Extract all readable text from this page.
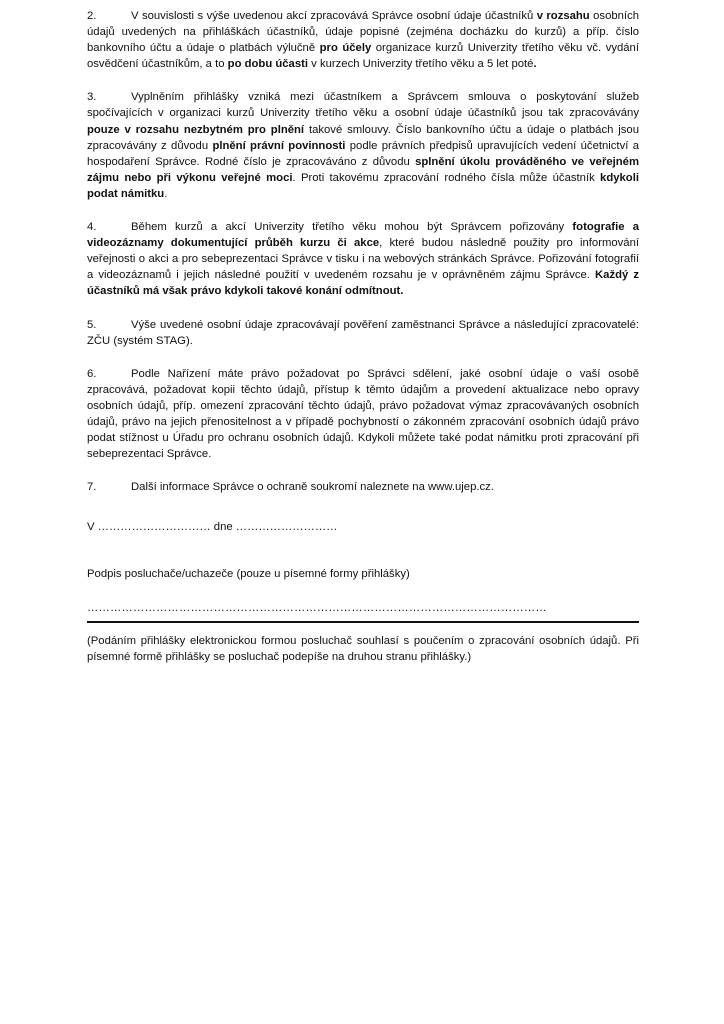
2.	V souvislosti s výše uvedenou akcí zpracovává Správce osobní údaje účastníků v rozsahu osobních údajů uvedených na přihláškách účastníků, údaje popisné (zejména docházku do kurzů) a příp. číslo bankovního účtu a údaje o platbách výlučně pro účely organizace kurzů Univerzity třetího věku vč. vydání osvědčení účastníkům, a to po dobu účasti v kurzech Univerzity třetího věku a 5 let poté.
3.	Vyplněním přihlášky vzniká mezi účastníkem a Správcem smlouva o poskytování služeb spočívajících v organizaci kurzů Univerzity třetího věku a osobní údaje účastníků jsou tak zpracovávány pouze v rozsahu nezbytném pro plnění takové smlouvy. Číslo bankovního účtu a údaje o platbách jsou zpracovávány z důvodu plnění právní povinnosti podle právních předpisů upravujících vedení účetnictví a hospodaření Správce. Rodné číslo je zpracováváno z důvodu splnění úkolu prováděného ve veřejném zájmu nebo při výkonu veřejné moci. Proti takovému zpracování rodného čísla může účastník kdykoli podat námitku.
4.	Během kurzů a akcí Univerzity třetího věku mohou být Správcem pořizovány fotografie a videozáznamy dokumentující průběh kurzu či akce, které budou následně použity pro informování veřejnosti o akci a pro sebeprezentaci Správce v tisku i na webových stránkách Správce. Pořizování fotografií a videozáznamů i jejich následné použití v uvedeném rozsahu je v oprávněném zájmu Správce. Každý z účastníků má však právo kdykoli takové konání odmítnout.
5.	Výše uvedené osobní údaje zpracovávají pověření zaměstnanci Správce a následující zpracovatelé: ZČU (systém STAG).
6.	Podle Nařízení máte právo požadovat po Správci sdělení, jaké osobní údaje o vaší osobě zpracovává, požadovat kopii těchto údajů, přístup k těmto údajům a provedení aktualizace nebo opravy osobních údajů, příp. omezení zpracování těchto údajů, právo požadovat výmaz zpracovávaných osobních údajů, právo na jejich přenositelnost a v případě pochybností o zákonném zpracování osobních údajů právo podat stížnost u Úřadu pro ochranu osobních údajů. Kdykoli můžete také podat námitku proti zpracování při sebeprezentaci Správce.
7.	Další informace Správce o ochraně soukromí naleznete na www.ujep.cz.
V ………………………… dne ………………………
Podpis posluchače/uchazeče (pouze u písemné formy přihlášky)
…………………………………………………………………………………………………………
(Podáním přihlášky elektronickou formou posluchač souhlasí s poučením o zpracování osobních údajů. Při písemné formě přihlášky se posluchač podepíše na druhou stranu přihlášky.)
